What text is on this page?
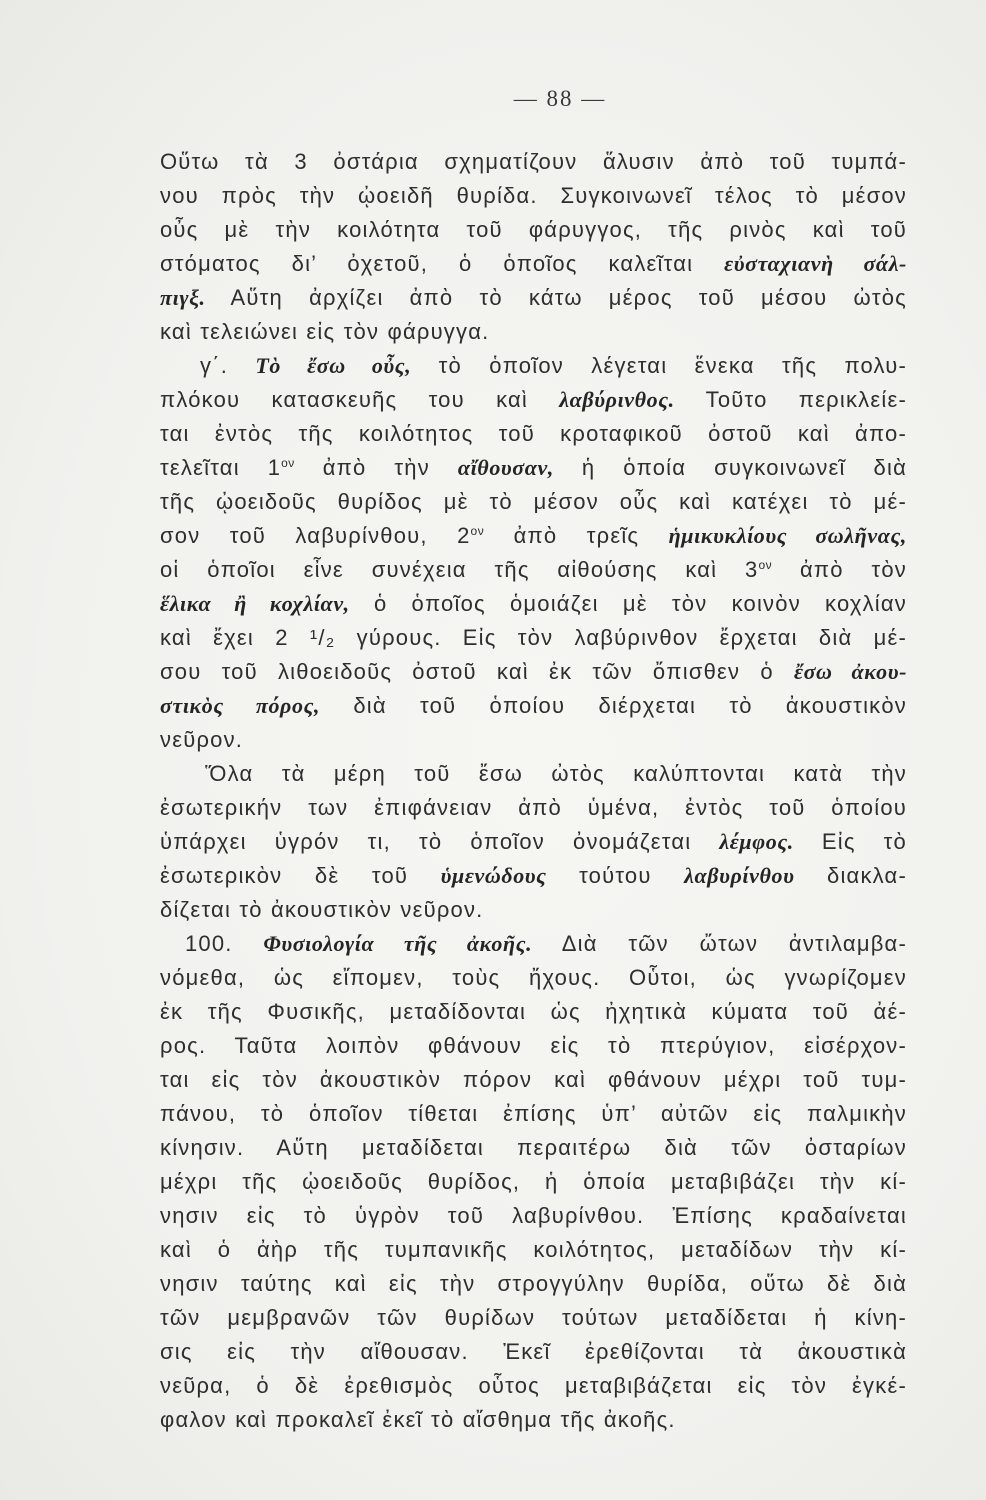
— 88 —
Οὕτω τὰ 3 ὀστάρια σχηματίζουν ἅλυσιν ἀπὸ τοῦ τυμπά-
νου πρὸς τὴν ᾠοειδῆ θυρίδα. Συγκοινωνεῖ τέλος τὸ μέσον
οὖς μὲ τὴν κοιλότητα τοῦ φάρυγγος, τῆς ρινὸς καὶ τοῦ
στόματος δι’ ὀχετοῦ, ὁ ὁποῖος καλεῖται εὐσταχιανὴ σάλ-
πιγξ. Αὕτη ἀρχίζει ἀπὸ τὸ κάτω μέρος τοῦ μέσου ὠτὸς
καὶ τελειώνει εἰς τὸν φάρυγγα.
γ΄. Τὸ ἔσω οὖς, τὸ ὁποῖον λέγεται ἕνεκα τῆς πολυ-
πλόκου κατασκευῆς του καὶ λαβύρινθος. Τοῦτο περικλείε-
ται ἐντὸς τῆς κοιλότητος τοῦ κροταφικοῦ ὀστοῦ καὶ ἀπο-
τελεῖται $1^{o\nu}$ ἀπὸ τὴν αἴθουσαν, ἡ ὁποία συγκοινωνεῖ διὰ
τῆς ᾠοειδοῦς θυρίδος μὲ τὸ μέσον οὖς καὶ κατέχει τὸ μέ-
σον τοῦ λαβυρίνθου, $2^{o\nu}$ ἀπὸ τρεῖς ἡμικυκλίους σωλῆνας,
οἱ ὁποῖοι εἶνε συνέχεια τῆς αἰθούσης καὶ $3^{o\nu}$ ἀπὸ τὸν
ἕλικα ἢ κοχλίαν, ὁ ὁποῖος ὁμοιάζει μὲ τὸν κοινὸν κοχλίαν
καὶ ἔχει 2 ¹/₂ γύρους. Εἰς τὸν λαβύρινθον ἔρχεται διὰ μέ-
σου τοῦ λιθοειδοῦς ὀστοῦ καὶ ἐκ τῶν ὄπισθεν ὁ ἔσω ἀκου-
στικὸς πόρος, διὰ τοῦ ὁποίου διέρχεται τὸ ἀκουστικὸν
νεῦρον.
Ὅλα τὰ μέρη τοῦ ἔσω ὠτὸς καλύπτονται κατὰ τὴν
ἐσωτερικήν των ἐπιφάνειαν ἀπὸ ὑμένα, ἐντὸς τοῦ ὁποίου
ὑπάρχει ὑγρόν τι, τὸ ὁποῖον ὀνομάζεται λέμφος. Εἰς τὸ
ἐσωτερικὸν δὲ τοῦ ὑμενώδους τούτου λαβυρίνθου διακλα-
δίζεται τὸ ἀκουστικὸν νεῦρον.
100. Φυσιολογία τῆς ἀκοῆς. Διὰ τῶν ὤτων ἀντιλαμβα-
νόμεθα, ὡς εἴπομεν, τοὺς ἤχους. Οὗτοι, ὡς γνωρίζομεν
ἐκ τῆς Φυσικῆς, μεταδίδονται ὡς ἠχητικὰ κύματα τοῦ ἀέ-
ρος. Ταῦτα λοιπὸν φθάνουν εἰς τὸ πτερύγιον, εἰσέρχον-
ται εἰς τὸν ἀκουστικὸν πόρον καὶ φθάνουν μέχρι τοῦ τυμ-
πάνου, τὸ ὁποῖον τίθεται ἐπίσης ὑπ’ αὐτῶν εἰς παλμικὴν
κίνησιν. Αὕτη μεταδίδεται περαιτέρω διὰ τῶν ὀσταρίων
μέχρι τῆς ᾠοειδοῦς θυρίδος, ἡ ὁποία μεταβιβάζει τὴν κί-
νησιν εἰς τὸ ὑγρὸν τοῦ λαβυρίνθου. Ἐπίσης κραδαίνεται
καὶ ὁ ἀὴρ τῆς τυμπανικῆς κοιλότητος, μεταδίδων τὴν κί-
νησιν ταύτης καὶ εἰς τὴν στρογγύλην θυρίδα, οὕτω δὲ διὰ
τῶν μεμβρανῶν τῶν θυρίδων τούτων μεταδίδεται ἡ κίνη-
σις εἰς τὴν αἴθουσαν. Ἐκεῖ ἐρεθίζονται τὰ ἀκουστικὰ
νεῦρα, ὁ δὲ ἐρεθισμὸς οὗτος μεταβιβάζεται εἰς τὸν ἐγκέ-
φαλον καὶ προκαλεῖ ἐκεῖ τὸ αἴσθημα τῆς ἀκοῆς.
